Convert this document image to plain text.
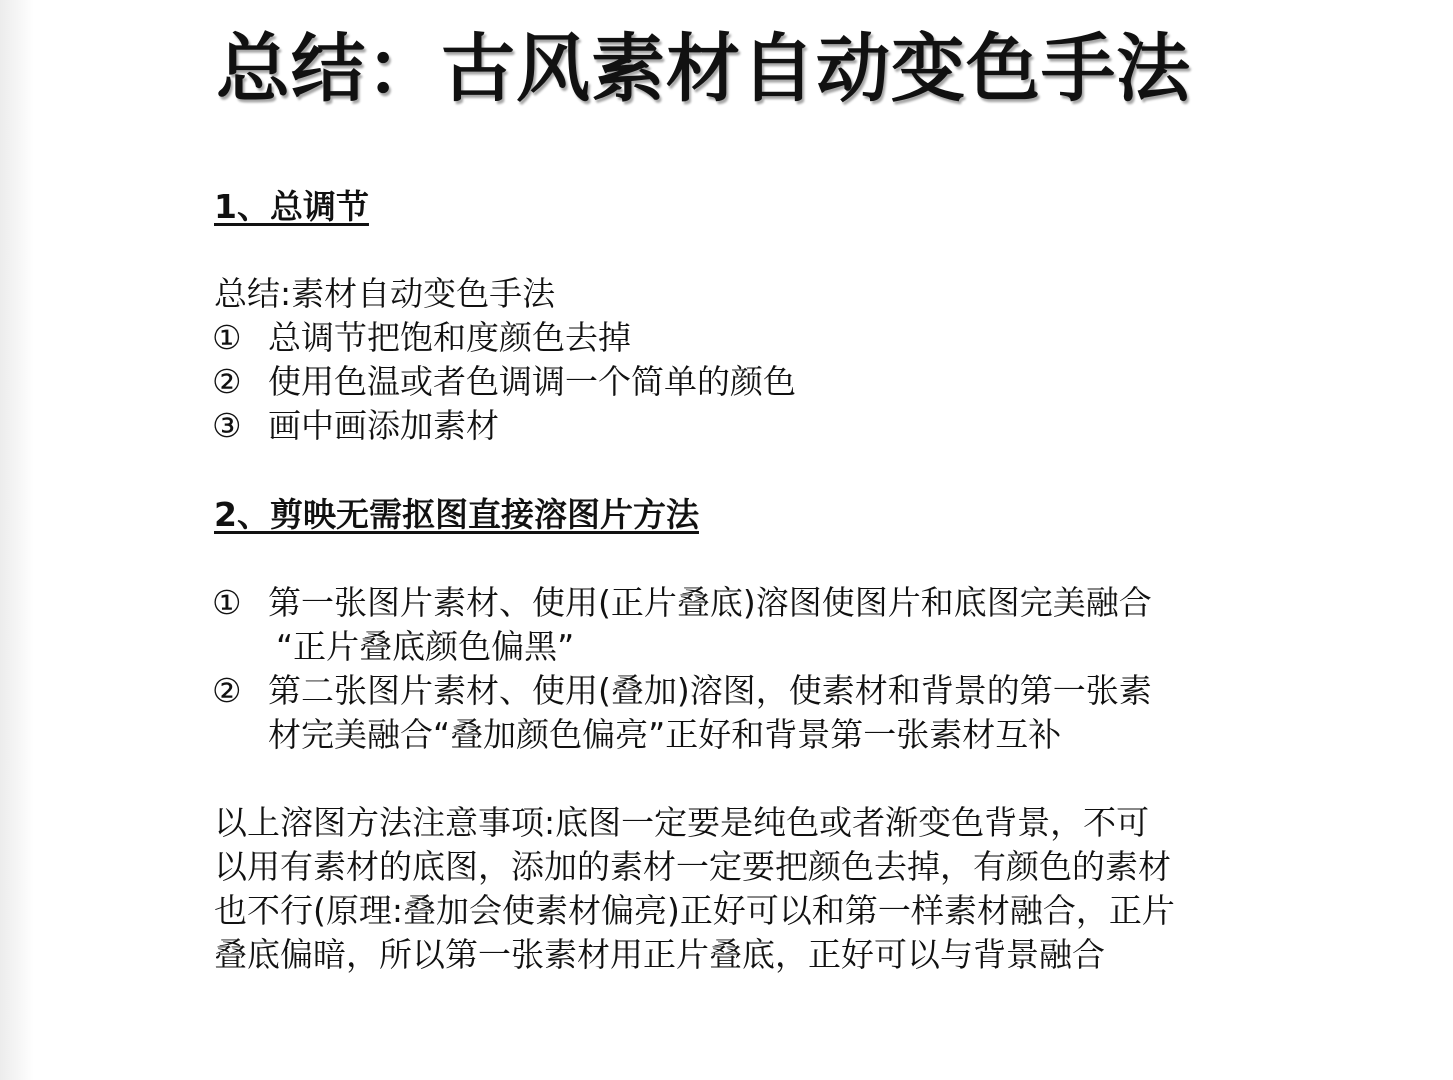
总结：古风素材自动变色手法
1、总调节

总结:素材自动变色手法

① 总调节把饱和度颜色去掉
② 使用色温或者色调调一个简单的颜色
③ 画中画添加素材
2、剪映无需抠图直接溶图片方法
① 第一张图片素材、使用(正片叠底)溶图使图片和底图完美融合
“正片叠底颜色偏黑”
② 第二张图片素材、使用(叠加)溶图，使素材和背景的第一张素
材完美融合“叠加颜色偏亮”正好和背景第一张素材互补

以上溶图方法注意事项:底图一定要是纯色或者渐变色背景，不可

以用有素材的底图，添加的素材一定要把颜色去掉，有颜色的素材

也不行(原理:叠加会使素材偏亮)正好可以和第一样素材融合，正片

叠底偏暗，所以第一张素材用正片叠底，正好可以与背景融合
